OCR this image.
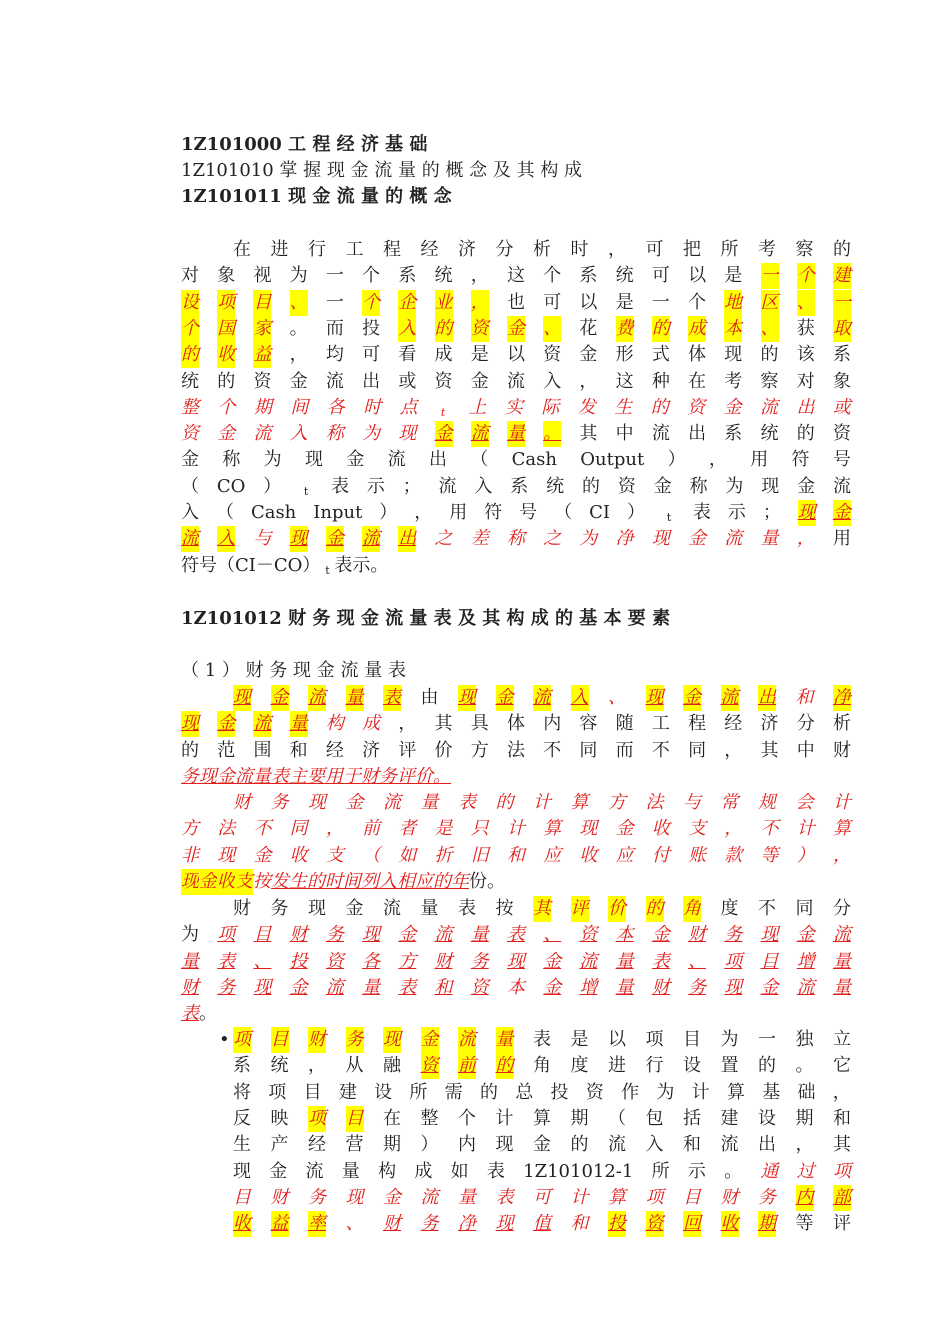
1Z101000 工 程 经 济 基 础
1Z101010 掌 握 现 金 流 量 的 概 念 及 其 构 成
1Z101011 现 金 流 量 的 概 念
在 进 行 工 程 经 济 分 析 时 ， 可 把 所 考 察 的
对 象 视 为 一 个 系 统 ， 这 个 系 统 可 以 是 一 个 建
设 项 目 、 一 个 企 业 ， 也 可 以 是 一 个 地 区 、 一
个 国 家 。 而 投 入 的 资 金 、 花 费 的 成 本 、 获 取
的 收 益 ， 均 可 看 成 是 以 资 金 形 式 体 现 的 该 系
统 的 资 金 流 出 或 资 金 流 入 ， 这 种 在 考 察 对 象
整 个 期 间 各 时 点	t 上 实 际 发 生 的 资 金 流 出 或
资 金 流 入 称 为 现 金 流 量 。 其 中 流 出 系 统 的 资
金 称 为 现 金 流 出 （ Cash Output ） ， 用 符 号
（ CO ）	t 表 示 ； 流 入 系 统 的 资 金 称 为 现 金 流
入 （ Cash Input ） ， 用 符 号 （ CI ）	t 表 示 ； 现 金
流 入 与 现 金 流 出 之 差 称 之 为 净 现 金 流 量 ， 用
符 号 （ CI － CO ） t 表 示 。
1Z101012 财 务 现 金 流 量 表 及 其 构 成 的 基 本 要 素
（ 1 ） 财 务 现 金 流 量 表
现 金 流 量 表 由 现 金 流 入 、 现 金 流 出 和 净
现 金 流 量 构 成 ， 其 具 体 内 容 随 工 程 经 济 分 析
的 范 围 和 经 济 评 价 方 法 不 同 而 不 同 ， 其 中 财
务 现 金 流 量 表 主 要 用 于 财 务 评 价 。
财 务 现 金 流 量 表 的 计 算 方 法 与 常 规 会 计
方 法 不 同 ， 前 者 是 只 计 算 现 金 收 支 ， 不 计 算
非 现 金 收 支 （ 如 折 旧 和 应 收 应 付 账 款 等 ） ，
现 金 收 支 按 发 生 的 时 间 列 入 相 应 的 年 份 。
财 务 现 金 流 量 表 按 其 评 价 的 角 度 不 同 分
为 项 目 财 务 现 金 流 量 表 、 资 本 金 财 务 现 金 流
量 表 、 投 资 各 方 财 务 现 金 流 量 表 、 项 目 增 量
财 务 现 金 流 量 表 和 资 本 金 增 量 财 务 现 金 流 量
表 。
• 项 目 财 务 现 金 流 量 表 是 以 项 目 为 一 独 立
系 统 ， 从 融 资 前 的 角 度 进 行 设 置 的 。 它
将 项 目 建 设 所 需 的 总 投 资 作 为 计 算 基 础 ，
反 映 项 目 在 整 个 计 算 期 （ 包 括 建 设 期 和
生 产 经 营 期 ） 内 现 金 的 流 入 和 流 出 ， 其
现 金 流 量 构 成 如 表 1Z101012-1 所 示 。 通 过 项
目 财 务 现 金 流 量 表 可 计 算 项 目 财 务 内 部
收 益 率 、 财 务 净 现 值 和 投 资 回 收 期 等 评
